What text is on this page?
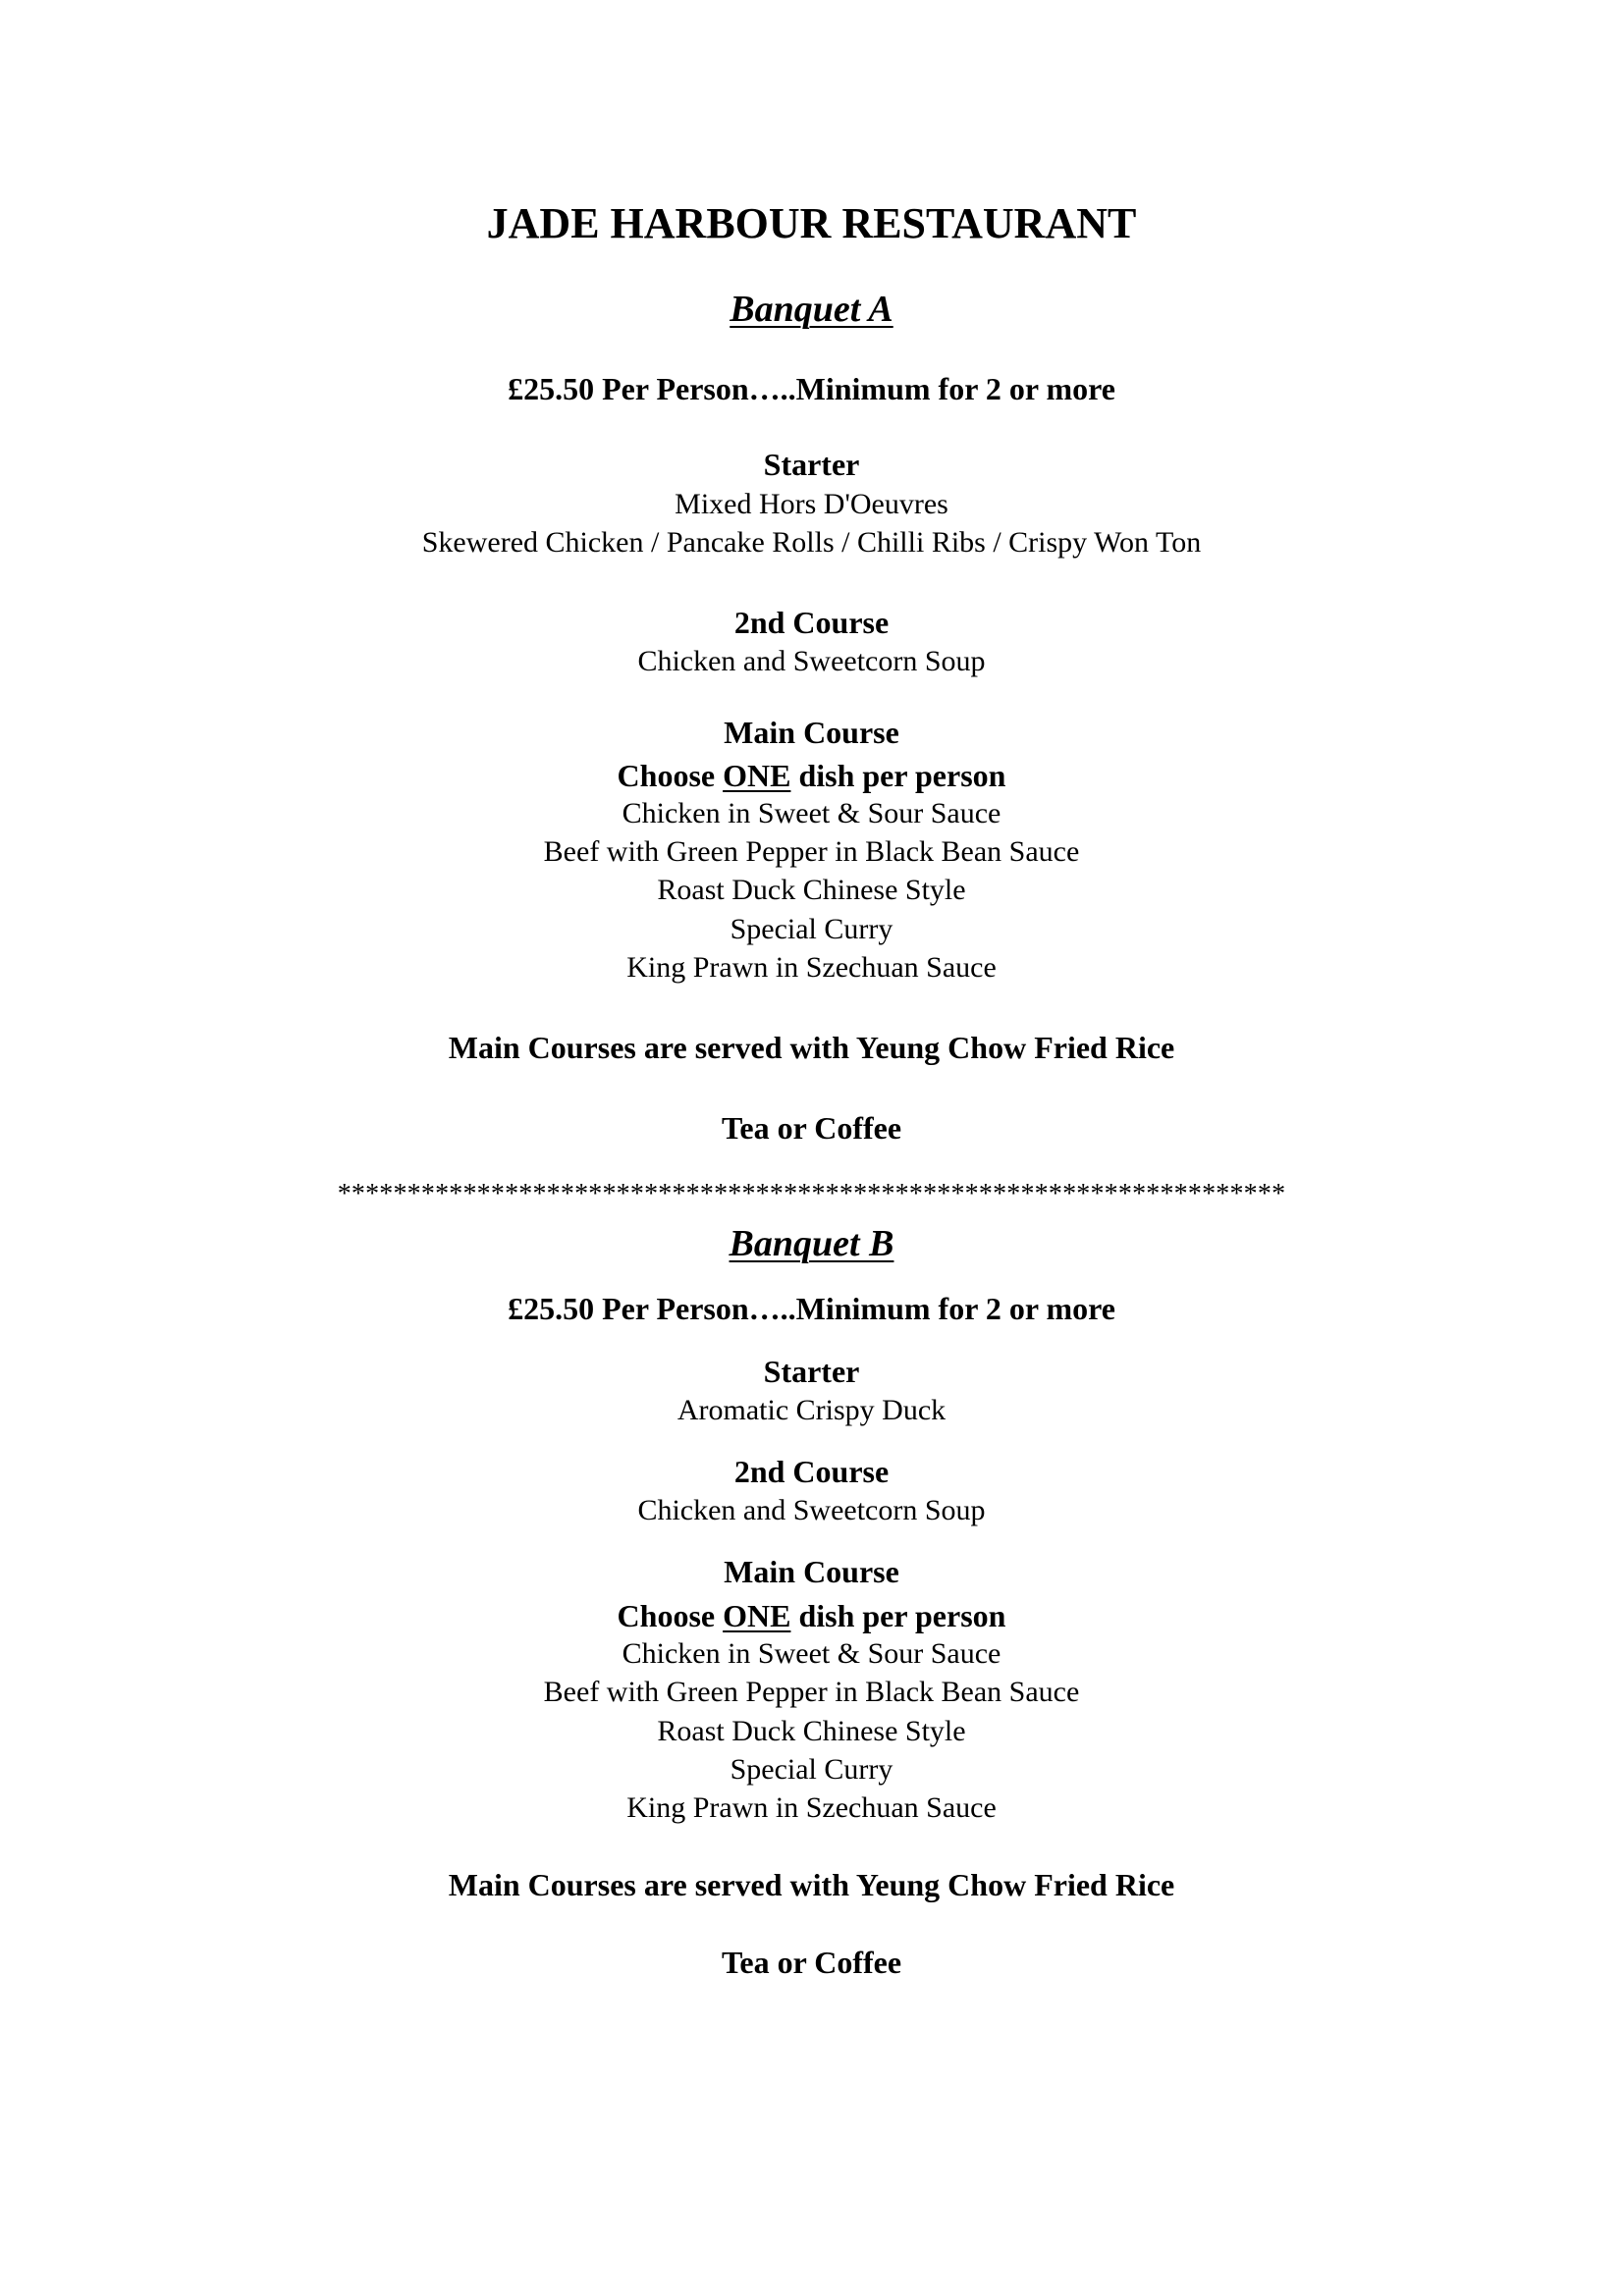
JADE HARBOUR RESTAURANT
Banquet A
£25.50 Per Person…..Minimum for 2 or more
Starter
Mixed Hors D'Oeuvres
Skewered Chicken / Pancake Rolls / Chilli Ribs / Crispy Won Ton
2nd Course
Chicken and Sweetcorn Soup
Main Course
Choose ONE dish per person
Chicken in Sweet & Sour Sauce
Beef with Green Pepper in Black Bean Sauce
Roast Duck Chinese Style
Special Curry
King Prawn in Szechuan Sauce
Main Courses are served with Yeung Chow Fried Rice
Tea or Coffee
********************************************************************
Banquet B
£25.50 Per Person…..Minimum for 2 or more
Starter
Aromatic Crispy Duck
2nd Course
Chicken and Sweetcorn Soup
Main Course
Choose ONE dish per person
Chicken in Sweet & Sour Sauce
Beef with Green Pepper in Black Bean Sauce
Roast Duck Chinese Style
Special Curry
King Prawn in Szechuan Sauce
Main Courses are served with Yeung Chow Fried Rice
Tea or Coffee
